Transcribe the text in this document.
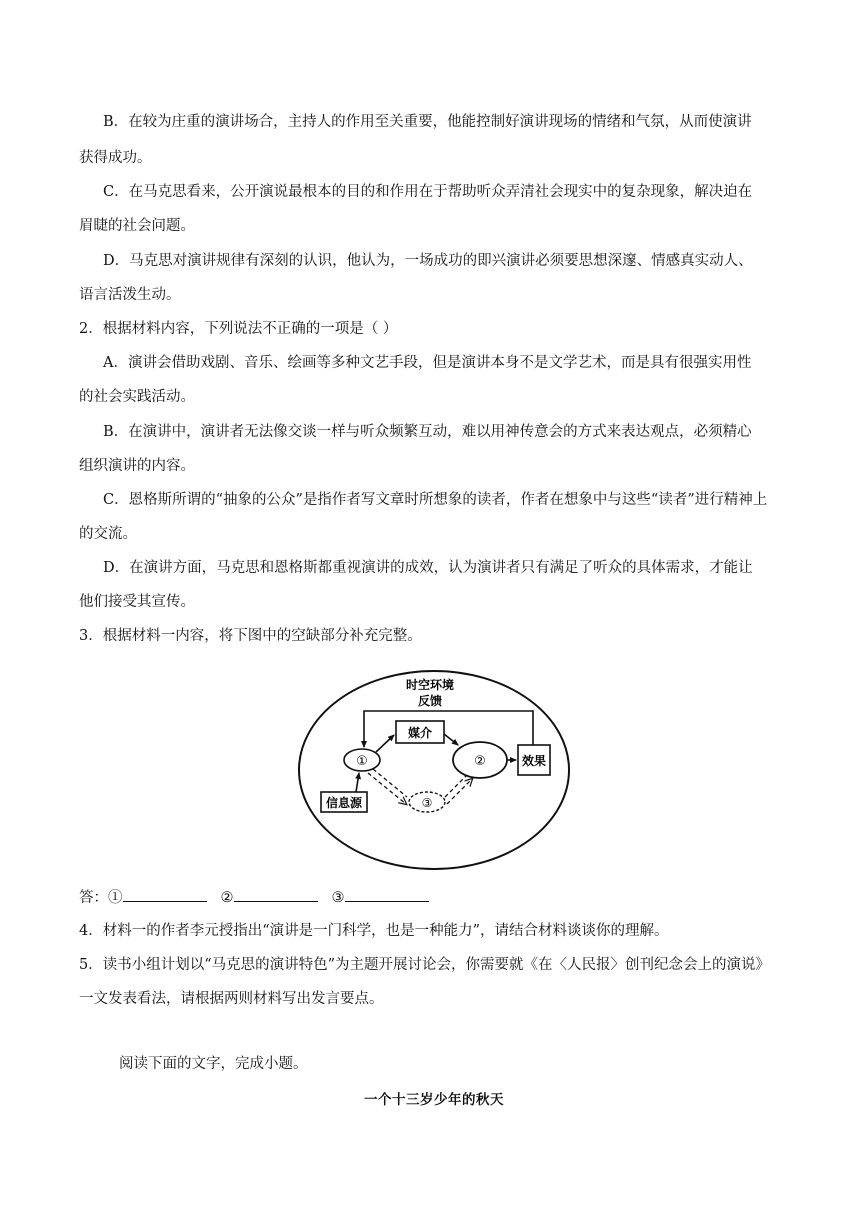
B．在较为庄重的演讲场合，主持人的作用至关重要，他能控制好演讲现场的情绪和气氛，从而使演讲
获得成功。
C．在马克思看来，公开演说最根本的目的和作用在于帮助听众弄清社会现实中的复杂现象，解决迫在
眉睫的社会问题。
D．马克思对演讲规律有深刻的认识，他认为，一场成功的即兴演讲必须要思想深邃、情感真实动人、
语言活泼生动。
2．根据材料内容，下列说法不正确的一项是（ ）
A．演讲会借助戏剧、音乐、绘画等多种文艺手段，但是演讲本身不是文学艺术，而是具有很强实用性
的社会实践活动。
B．在演讲中，演讲者无法像交谈一样与听众频繁互动，难以用神传意会的方式来表达观点，必须精心
组织演讲的内容。
C．恩格斯所谓的“抽象的公众”是指作者写文章时所想象的读者，作者在想象中与这些“读者”进行精神上
的交流。
D．在演讲方面，马克思和恩格斯都重视演讲的成效，认为演讲者只有满足了听众的具体需求，才能让
他们接受其宣传。
3．根据材料一内容，将下图中的空缺部分补充完整。
时空环境
反馈
媒介
①	②	效果
③
信息源
答：①	②	③
4．材料一的作者李元授指出“演讲是一门科学，也是一种能力”，请结合材料谈谈你的理解。
5．读书小组计划以“马克思的演讲特色”为主题开展讨论会，你需要就《在〈人民报〉创刊纪念会上的演说》
一文发表看法，请根据两则材料写出发言要点。
阅读下面的文字，完成小题。
一个十三岁少年的秋天
